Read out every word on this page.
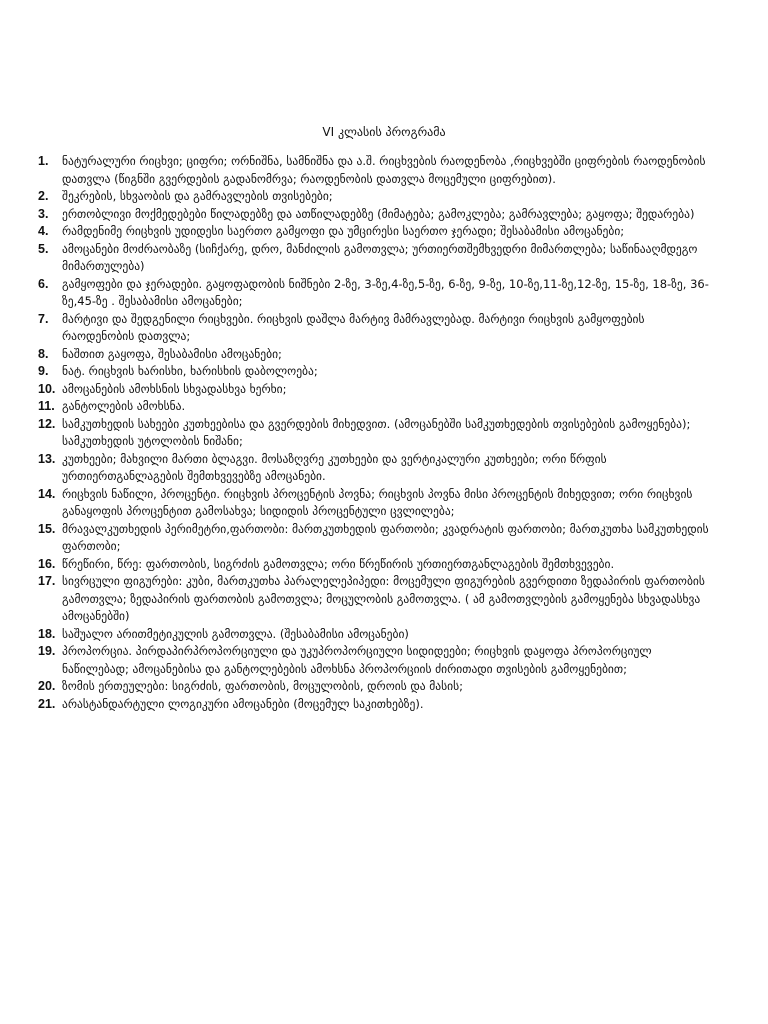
VI კლასის პროგრამა
1. ნატურალური რიცხვი; ციფრი; ორნიშნა, სამნიშნა და ა.შ. რიცხვების რაოდენობა ,რიცხვებში ციფრების რაოდენობის დათვლა (წიგნში გვერდების გადანომრვა; რაოდენობის დათვლა მოცემული ციფრებით).
2. შეკრების, სხვაობის და გამრავლების თვისებები;
3. ერთობლივი მოქმედებები წილადებზე და ათწილადებზე (მიმატება; გამოკლება; გამრავლება; გაყოფა; შედარება)
4. რამდენიმე რიცხვის უდიდესი საერთო გამყოფი და უმცირესი საერთო ჯერადი; შესაბამისი ამოცანები;
5. ამოცანები მოძრაობაზე (სიჩქარე, დრო, მანძილის გამოთვლა; ურთიერთშემხვედრი მიმართლება; საწინააღმდეგო მიმართულება)
6. გამყოფები და ჯერადები. გაყოფადობის ნიშნები 2-ზე, 3-ზე,4-ზე,5-ზე, 6-ზე, 9-ზე, 10-ზე,11-ზე,12-ზე, 15-ზე, 18-ზე, 36-ზე,45-ზე . შესაბამისი ამოცანები;
7. მარტივი და შედგენილი რიცხვები. რიცხვის დაშლა მარტივ მამრავლებად. მარტივი რიცხვის გამყოფების რაოდენობის დათვლა;
8. ნაშთით გაყოფა, შესაბამისი ამოცანები;
9. ნატ. რიცხვის ხარისხი, ხარისხის დაბოლოება;
10. ამოცანების ამოხსნის სხვადასხვა ხერხი;
11. განტოლების ამოხსნა.
12. სამკუთხედის სახეები კუთხეებისა და გვერდების მიხედვით. (ამოცანებში სამკუთხედების თვისებების გამოყენება); სამკუთხედის უტოლობის ნიშანი;
13. კუთხეები; მახვილი მართი ბლაგვი. მოსაზღვრე კუთხეები და ვერტიკალური კუთხეები; ორი წრფის ურთიერთგანლაგების შემთხვევებზე ამოცანები.
14. რიცხვის ნაწილი, პროცენტი. რიცხვის პროცენტის პოვნა; რიცხვის პოვნა მისი პროცენტის მიხედვით; ორი რიცხვის განაყოფის პროცენტით გამოსახვა; სიდიდის პროცენტული ცვლილება;
15. მრავალკუთხედის პერიმეტრი,ფართობი: მართკუთხედის ფართობი; კვადრატის ფართობი; მართკუთხა სამკუთხედის ფართობი;
16. წრეწირი, წრე: ფართობის, სიგრძის გამოთვლა; ორი წრეწირის ურთიერთგანლაგების შემთხვევები.
17. სივრცული ფიგურები: კუბი, მართკუთხა პარალელეპიპედი: მოცემული ფიგურების გვერდითი ზედაპირის ფართობის გამოთვლა; ზედაპირის ფართობის გამოთვლა; მოცულობის გამოთვლა. ( ამ გამოთვლების გამოყენება სხვადასხვა ამოცანებში)
18. საშუალო არითმეტიკულის გამოთვლა. (შესაბამისი ამოცანები)
19. პროპორცია. პირდაპირპროპორციული და უკუპროპორციული სიდიდეები; რიცხვის დაყოფა პროპორციულ ნაწილებად; ამოცანებისა და განტოლებების ამოხსნა პროპორციის ძირითადი თვისების გამოყენებით;
20. ზომის ერთეულები: სიგრძის, ფართობის, მოცულობის, დროის და მასის;
21. არასტანდარტული ლოგიკური ამოცანები (მოცემულ საკითხებზე).
